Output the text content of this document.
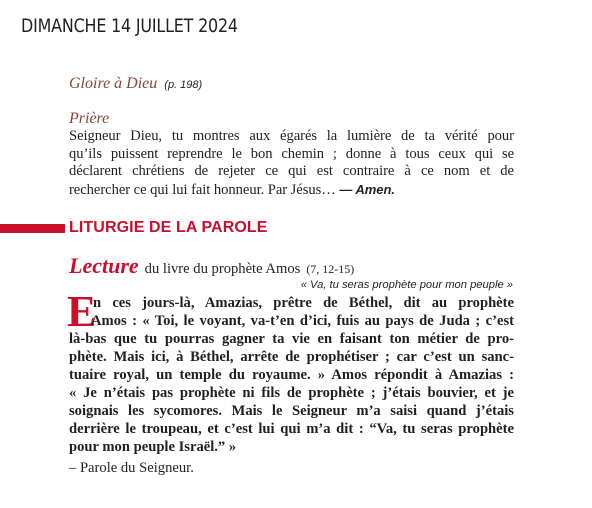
DIMANCHE 14 JUILLET 2024
Gloire à Dieu (p. 198)
Prière
Seigneur Dieu, tu montres aux égarés la lumière de ta vérité pour
qu’ils puissent reprendre le bon chemin ; donne à tous ceux qui se
déclarent chrétiens de rejeter ce qui est contraire à ce nom et de
rechercher ce qui lui fait honneur. Par Jésus… — Amen.
LITURGIE DE LA PAROLE
Lecture du livre du prophète Amos (7, 12-15)
« Va, tu seras prophète pour mon peuple »
E
n ces jours-là, Amazias, prêtre de Béthel, dit au prophète
Amos : « Toi, le voyant, va-t’en d’ici, fuis au pays de Juda ; c’est
là-bas que tu pourras gagner ta vie en faisant ton métier de pro-
phète. Mais ici, à Béthel, arrête de prophétiser ; car c’est un sanc-
tuaire royal, un temple du royaume. » Amos répondit à Amazias :
« Je n’étais pas prophète ni fils de prophète ; j’étais bouvier, et je
soignais les sycomores. Mais le Seigneur m’a saisi quand j’étais
derrière le troupeau, et c’est lui qui m’a dit : “Va, tu seras prophète
pour mon peuple Israël.” »
– Parole du Seigneur.
